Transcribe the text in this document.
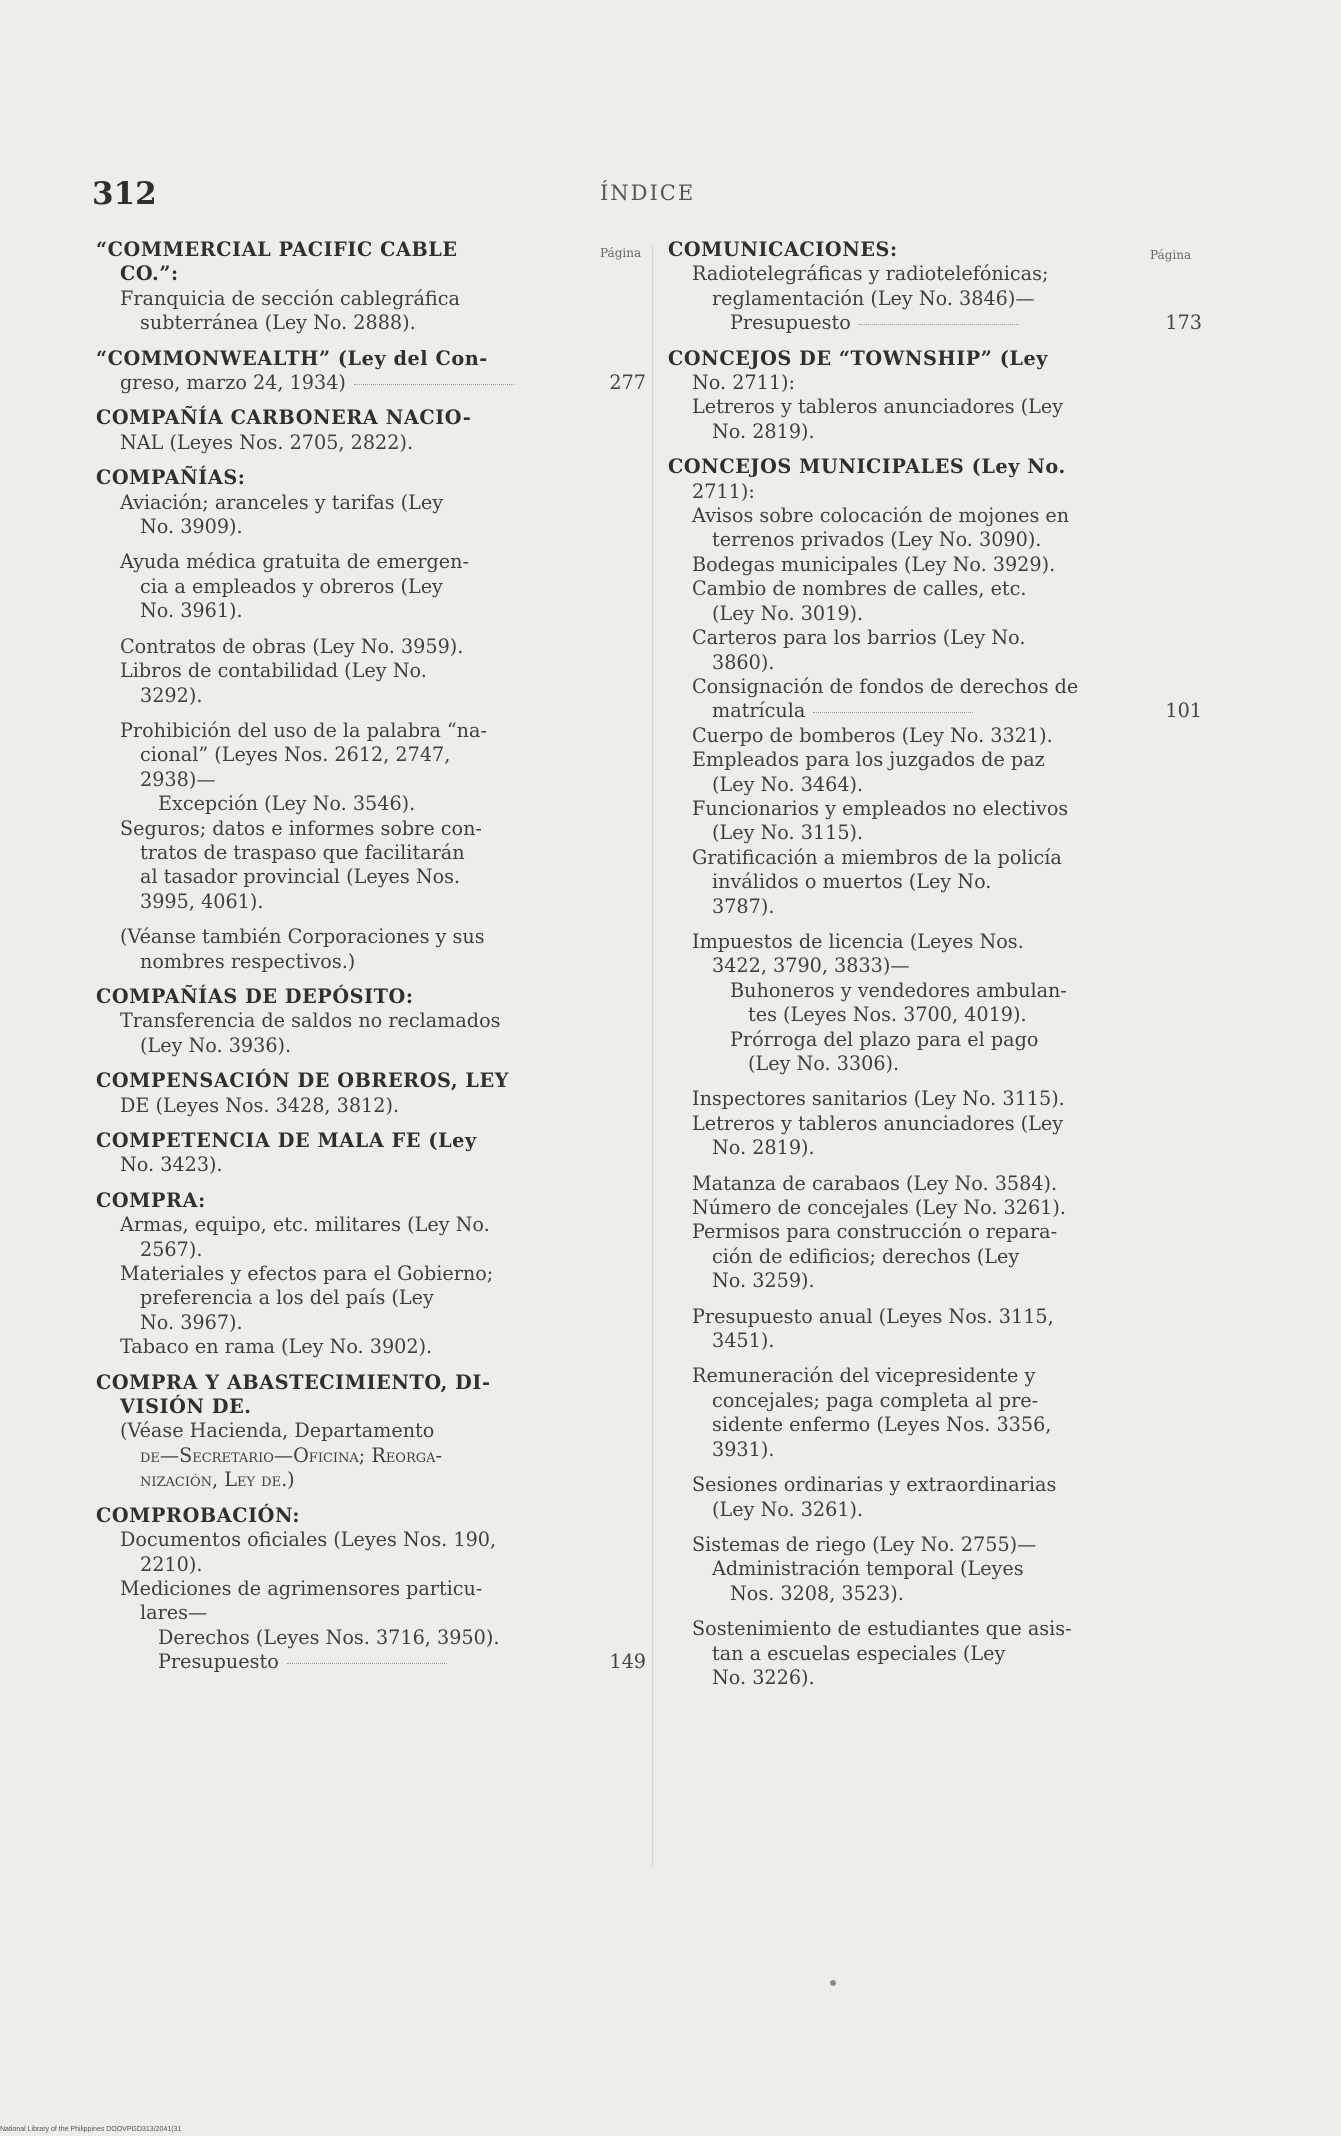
312	ÍNDICE
Página	Página
“COMMERCIAL PACIFIC CABLE
CO.”:
Franquicia de sección cablegráfica
subterránea (Ley No. 2888).
“COMMONWEALTH” (Ley del Con-
greso, marzo 24, 1934)	277
COMPAÑÍA CARBONERA NACIO-
NAL (Leyes Nos. 2705, 2822).
COMPAÑÍAS:
Aviación; aranceles y tarifas (Ley
No. 3909).
Ayuda médica gratuita de emergen-
cia a empleados y obreros (Ley
No. 3961).
Contratos de obras (Ley No. 3959).
Libros de contabilidad (Ley No.
3292).
Prohibición del uso de la palabra “na-
cional” (Leyes Nos. 2612, 2747,
2938)—
Excepción (Ley No. 3546).
Seguros; datos e informes sobre con-
tratos de traspaso que facilitarán
al tasador provincial (Leyes Nos.
3995, 4061).
(Véanse también Corporaciones y sus
nombres respectivos.)
COMPAÑÍAS DE DEPÓSITO:
Transferencia de saldos no reclamados
(Ley No. 3936).
COMPENSACIÓN DE OBREROS, LEY
DE (Leyes Nos. 3428, 3812).
COMPETENCIA DE MALA FE (Ley
No. 3423).
COMPRA:
Armas, equipo, etc. militares (Ley No.
2567).
Materiales y efectos para el Gobierno;
preferencia a los del país (Ley
No. 3967).
Tabaco en rama (Ley No. 3902).
COMPRA Y ABASTECIMIENTO, DI-
VISIÓN DE.
(Véase Hacienda, Departamento
de—Secretario—Oficina; Reorga-
nización, Ley de.)
COMPROBACIÓN:
Documentos oficiales (Leyes Nos. 190,
2210).
Mediciones de agrimensores particu-
lares—
Derechos (Leyes Nos. 3716, 3950).
Presupuesto	149
COMUNICACIONES:
Radiotelegráficas y radiotelefónicas;
reglamentación (Ley No. 3846)—
Presupuesto	173
CONCEJOS DE “TOWNSHIP” (Ley
No. 2711):
Letreros y tableros anunciadores (Ley
No. 2819).
CONCEJOS MUNICIPALES (Ley No.
2711):
Avisos sobre colocación de mojones en
terrenos privados (Ley No. 3090).
Bodegas municipales (Ley No. 3929).
Cambio de nombres de calles, etc.
(Ley No. 3019).
Carteros para los barrios (Ley No.
3860).
Consignación de fondos de derechos de
matrícula	101
Cuerpo de bomberos (Ley No. 3321).
Empleados para los juzgados de paz
(Ley No. 3464).
Funcionarios y empleados no electivos
(Ley No. 3115).
Gratificación a miembros de la policía
inválidos o muertos (Ley No.
3787).
Impuestos de licencia (Leyes Nos.
3422, 3790, 3833)—
Buhoneros y vendedores ambulan-
tes (Leyes Nos. 3700, 4019).
Prórroga del plazo para el pago
(Ley No. 3306).
Inspectores sanitarios (Ley No. 3115).
Letreros y tableros anunciadores (Ley
No. 2819).
Matanza de carabaos (Ley No. 3584).
Número de concejales (Ley No. 3261).
Permisos para construcción o repara-
ción de edificios; derechos (Ley
No. 3259).
Presupuesto anual (Leyes Nos. 3115,
3451).
Remuneración del vicepresidente y
concejales; paga completa al pre-
sidente enfermo (Leyes Nos. 3356,
3931).
Sesiones ordinarias y extraordinarias
(Ley No. 3261).
Sistemas de riego (Ley No. 2755)—
Administración temporal (Leyes
Nos. 3208, 3523).
Sostenimiento de estudiantes que asis-
tan a escuelas especiales (Ley
No. 3226).
National Library of the Philippines DOOVPGD313/2041(31
